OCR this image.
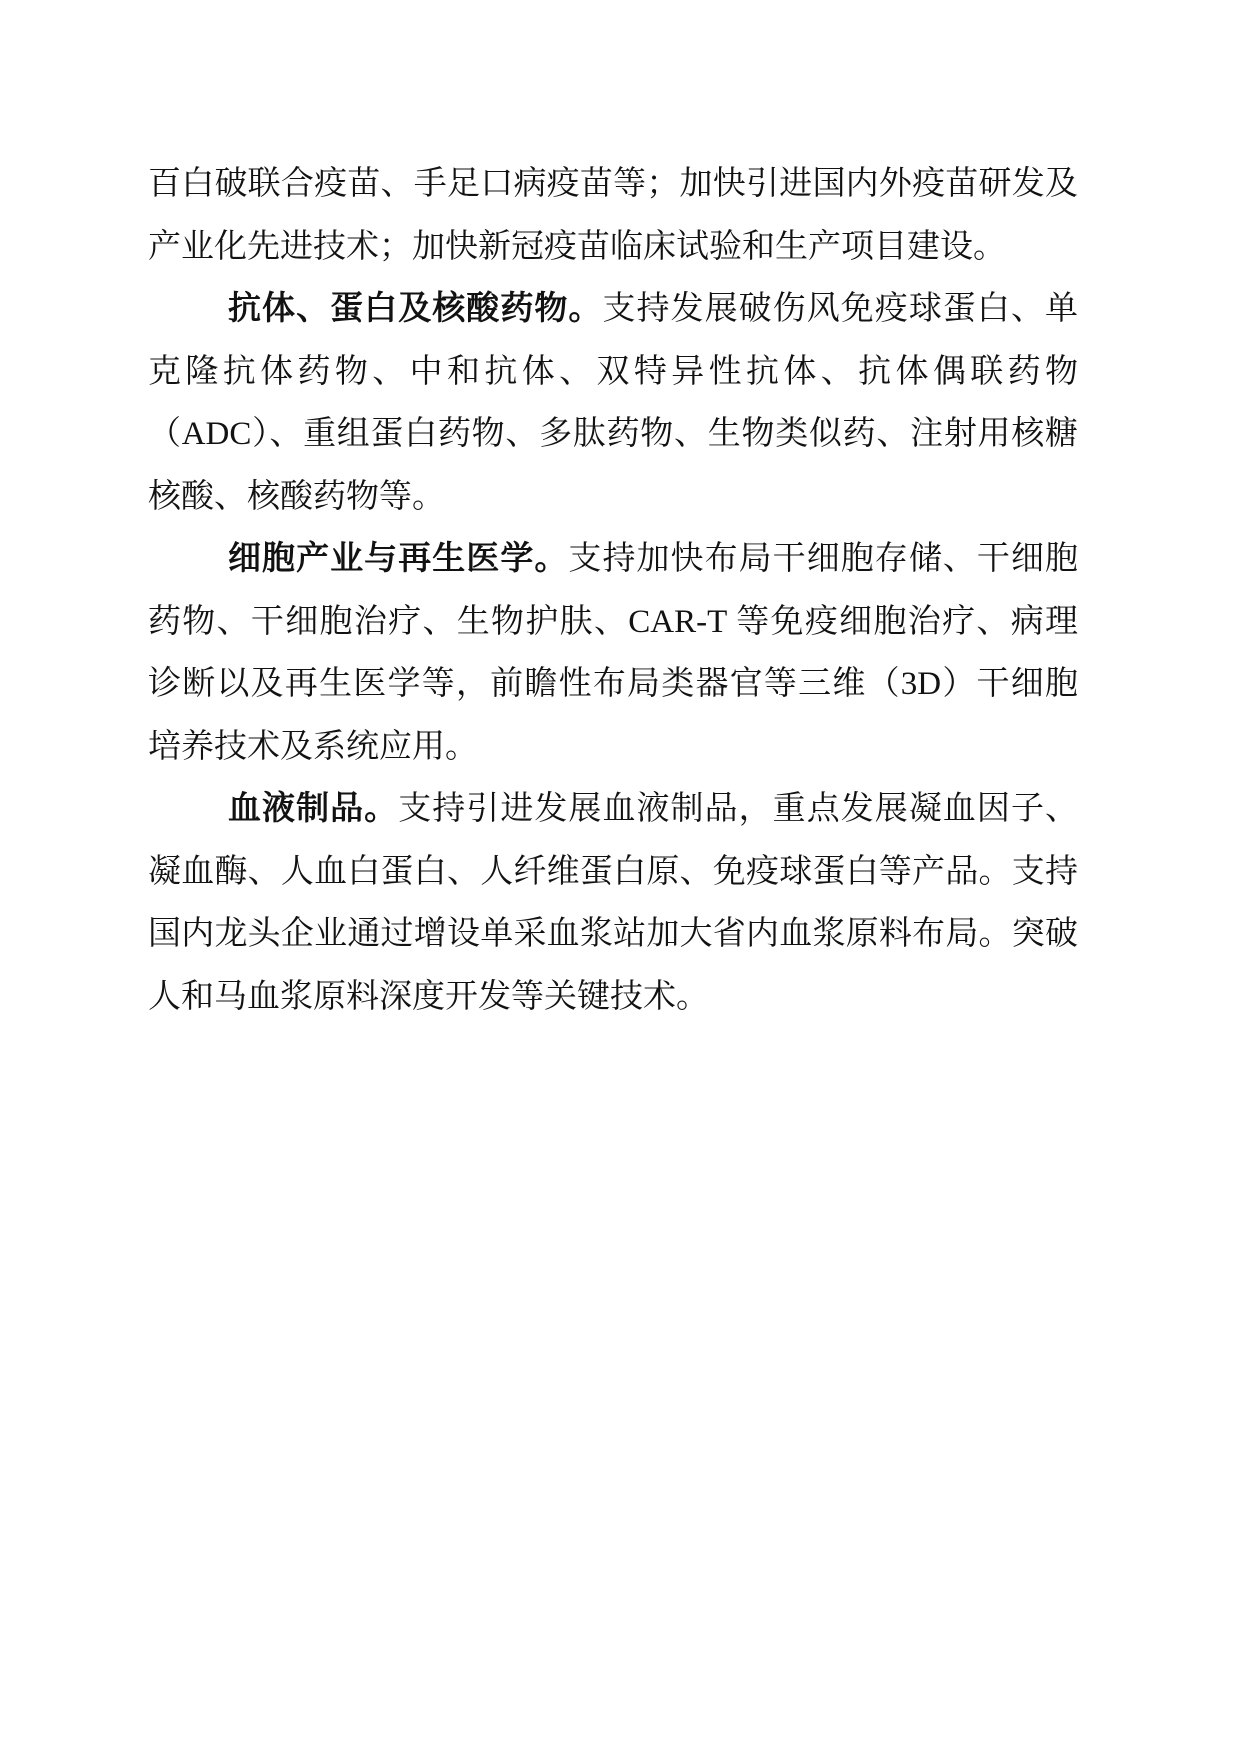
百白破联合疫苗、手足口病疫苗等；加快引进国内外疫苗研发及产业化先进技术；加快新冠疫苗临床试验和生产项目建设。

抗体、蛋白及核酸药物。支持发展破伤风免疫球蛋白、单克隆抗体药物、中和抗体、双特异性抗体、抗体偶联药物（ADC）、重组蛋白药物、多肽药物、生物类似药、注射用核糖核酸、核酸药物等。

细胞产业与再生医学。支持加快布局干细胞存储、干细胞药物、干细胞治疗、生物护肤、CAR-T 等免疫细胞治疗、病理诊断以及再生医学等，前瞻性布局类器官等三维（3D）干细胞培养技术及系统应用。

血液制品。支持引进发展血液制品，重点发展凝血因子、凝血酶、人血白蛋白、人纤维蛋白原、免疫球蛋白等产品。支持国内龙头企业通过增设单采血浆站加大省内血浆原料布局。突破人和马血浆原料深度开发等关键技术。
